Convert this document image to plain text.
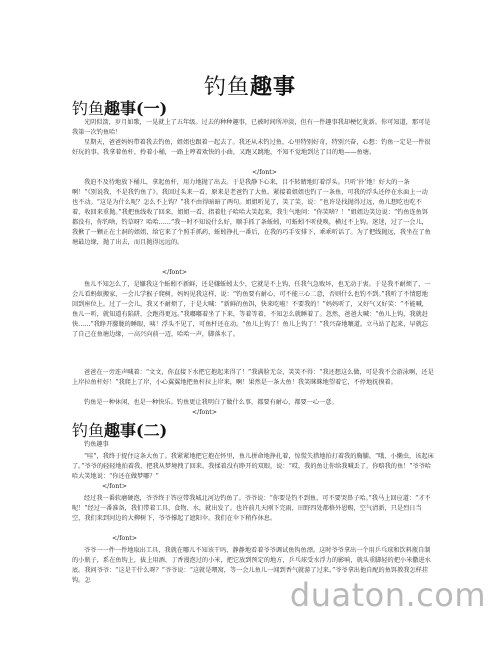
钓鱼趣事
钓鱼趣事(一)

光阴似箭，岁月如歌，一晃就上了五年级。过去的种种趣事，已被时间所冲淡，但有一件趣事我却梗忆犹新。你可知道，那可是我第一次钓鱼哈！

星期天，爸爸妈妈带着我去钓鱼，姐姐也跟着一起去了。我还从未钓过鱼，心里特别好奇，特别兴奋，心想：钓鱼一定是一件很好玩的事。我拿着鱼杆，拎着小桶，一路上哼着欢快的小曲，又跑又跳地，不知不觉地到达了目的地——鱼塘。

</font>

我迫不及待地放下桶儿，拿起鱼杆，用力地抛了出去。于是我静下心来，目不转睛地盯着浮头。只听‘扑’地！好大的一条啊！“《别说我，不是我钓鱼了》。我回过头来一看，原来是老爸钓了大鱼。紧接着姐姐也钓了一条鱼，可我的浮头还停在水面上一动也不动。“这是为什么呢？怎么不上钩？”我不由得暗暗了两句。姐姐听见了，笑了笑，说：“也许是找抛得过远，鱼儿想吃也吃不着，收回来重抛。”我把鱼线收了回来，姐姐一看，指着肚子哈哈大笑起来，我生气地问：“你笑啥？！”姐姐边笑边说：“钓鱼连鱼饵都没有，你钓啥，钓草呀？哈哈……”我一时不知说什么好，顺手抓了条蚯蚓，可蚯蚓不听使唤，横过不上钩。迷迷，过了一会儿，我揪了一颗正在土洞的姐姐，给它来了个照手抓药，蚯蚓挣扎一番后，在我的巧手安排下，乖乖听话了。为了把线抛远，我坐在了鱼塘最边缘，抛了出去，而且抛得远远的。

</font>

鱼儿不知怎么了，是嫌我这个蚯蚓不新鲜，还是嫌蚯蚓太少，它就是不上钩，任我气急败坏，也无动于衷。于是我不耐烦了，一会儿看蚂蚁搬家，一会儿学猴子爬树，妈妈见我这样，说：“钓鱼要有耐心，可不能三心二意，否则什么也钓不到。”我听了不情愿地回到座位上。过了一会儿，我又不耐烦了，于是大喊：“新鲜的鱼饵，快来吃啦！不要我的！”妈妈听了，又好气又好笑：“不能喊，鱼儿一听，就知道有陷阱，会跑得更远。”我嘟嘟着坐了下来，等着等着，不知怎么就睡着了。忽然，爸爸大喊：“鱼儿上钩，我就赶快……”我睁开朦胧的睡眼，咦！浮头不见了，可鱼杆还在动。“鱼儿上钩了！鱼儿上钩了！”我兴奋地嚷道。立马站了起来，早就忘了自己在鱼塘边缘，一高兴向前一迈，哈哈一声，脚落水了。

爸爸在一旁连声喊着：“文文，你直接下水把它抱起来得了！”我满脸无奈，笑笑不得：“我还想这么做，可是我不会游泳啊，还是上岸拉鱼杆好！”我爬上了岸，小心翼翼地把鱼杆拉上岸来，啊！果然是一条大鱼！我笑眯眯地望着它，不停地抚摸着。

钓鱼是一种休闲，也是一种快乐。钓鱼更让我明白了做什么事，都要有耐心，都要一心一意。

</font>
钓鱼趣事(二)
钓鱼趣事

“哇”，我终于捉住这条大鱼了。我紧紧地把它抱在怀里，鱼儿拼命地挣扎着，惊慌失措地拍打着我的胸脯。“哦，小懒虫，该起床了。”爷爷的轻轻地拍着我，把我从梦境拽了回来。我揉着没有睁开的双眼，说：“哎，我的鱼让你给我喊丢了，你赔我的鱼！”爷爷哈哈大笑地说：“你还在做梦哪？”

</font>

经过我一番软磨硬泡，爷爷终于答应带我城北河边钓鱼了。爷爷说：“你要是钓不到鱼，可不要哭鼻子哈。”我马上回应道：“才不呢！”经过一番准备，我们带着工具、食物、水，就出发了。也许前几天刚下完雨，田野四处都格外恩赐，空气清新，只是烈日当空，我们来到河边的大柳树下，爷爷撑起了遮阳伞。我们在伞下稍作休息。

</font>

爷爷一一件一件地取出工具，我就在哪儿不知该干吗，静静地看着爷爷调试鱼钩鱼漂。这时爷爷拿出一个用乒乓球和饮料瓶自制的小瓶子，系在鱼钩上，拔上用酒、丁香漫泡过的小米，把它放到预定的地方，乒乓球受水浮力的影响，就头重脚轻的把小米撒进水底。我问爷爷：“这是干什么呀？”爷爷说：“这就是喂窝，等一会儿鱼儿一闻到香气就游了过来。”爷爷拿出他自配的鱼饵教我怎样挂钩。怎	duaton.com
